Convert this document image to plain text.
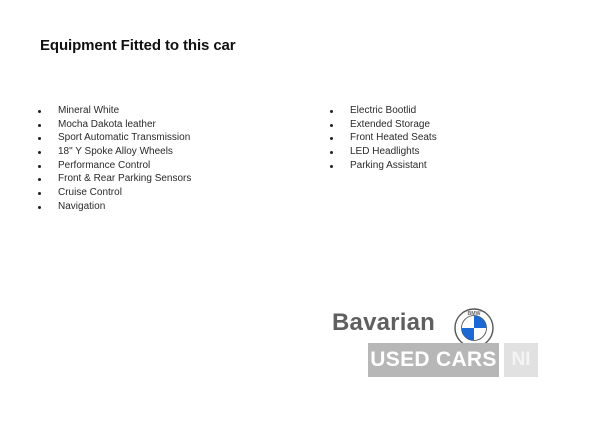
Equipment Fitted to this car
Mineral White
Mocha Dakota leather
Sport Automatic Transmission
18" Y Spoke Alloy Wheels
Performance Control
Front & Rear Parking Sensors
Cruise Control
Navigation
Electric Bootlid
Extended Storage
Front Heated Seats
LED Headlights
Parking Assistant
Bavarian	BMW
USED CARS NI
